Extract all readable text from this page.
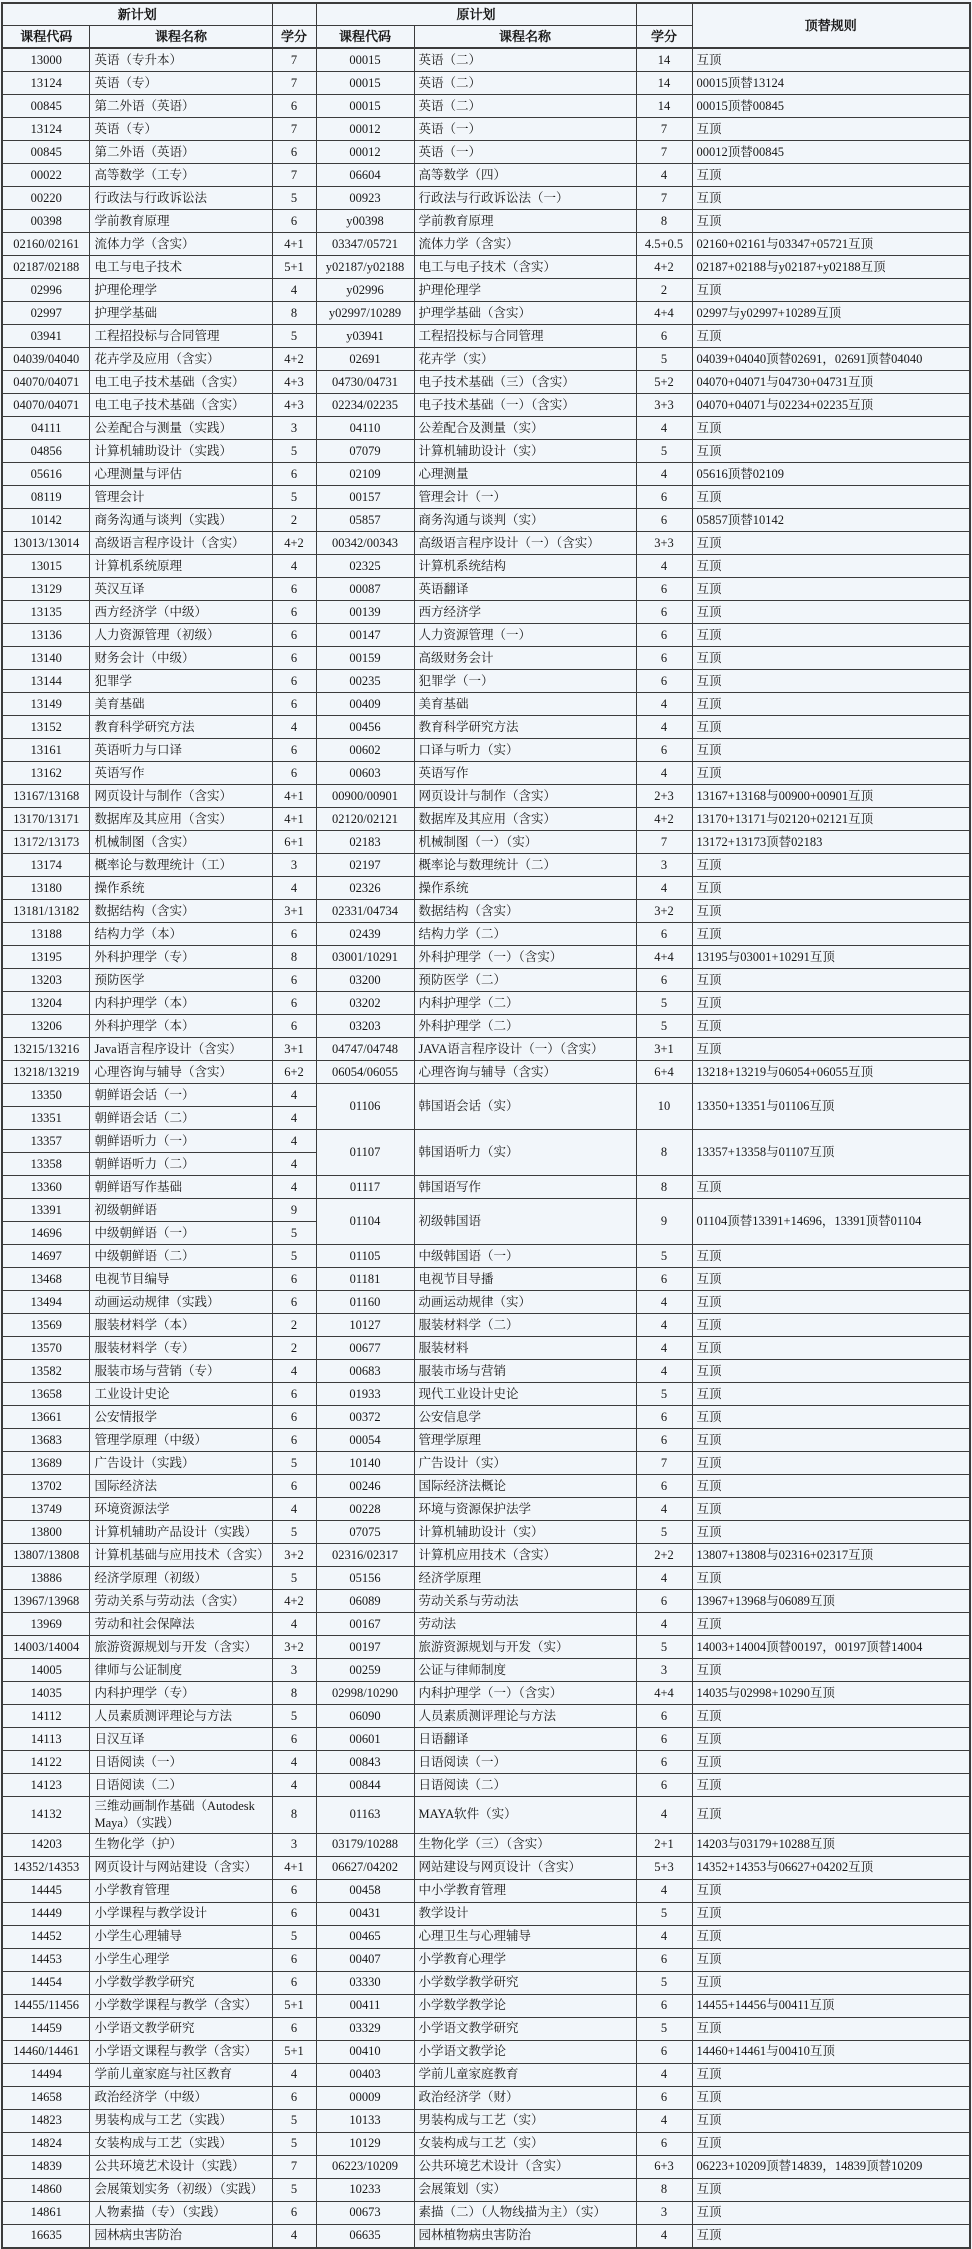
新计划			原计划			顶替规则
课程代码	课程名称	学分	课程代码	课程名称	学分	
13000	英语（专升本）	7	00015	英语（二）	14	互顶
13124	英语（专）	7	00015	英语（二）	14	00015顶替13124
00845	第二外语（英语）	6	00015	英语（二）	14	00015顶替00845
13124	英语（专）	7	00012	英语（一）	7	互顶
00845	第二外语（英语）	6	00012	英语（一）	7	00012顶替00845
00022	高等数学（工专）	7	06604	高等数学（四）	4	互顶
00220	行政法与行政诉讼法	5	00923	行政法与行政诉讼法（一）	7	互顶
00398	学前教育原理	6	y00398	学前教育原理	8	互顶
02160/02161	流体力学（含实）	4+1	03347/05721	流体力学（含实）	4.5+0.5	02160+02161与03347+05721互顶
02187/02188	电工与电子技术	5+1	y02187/y02188	电工与电子技术（含实）	4+2	02187+02188与y02187+y02188互顶
02996	护理伦理学	4	y02996	护理伦理学	2	互顶
02997	护理学基础	8	y02997/10289	护理学基础（含实）	4+4	02997与y02997+10289互顶
03941	工程招投标与合同管理	5	y03941	工程招投标与合同管理	6	互顶
04039/04040	花卉学及应用（含实）	4+2	02691	花卉学（实）	5	04039+04040顶替02691，02691顶替04040
04070/04071	电工电子技术基础（含实）	4+3	04730/04731	电子技术基础（三）（含实）	5+2	04070+04071与04730+04731互顶
04070/04071	电工电子技术基础（含实）	4+3	02234/02235	电子技术基础（一）（含实）	3+3	04070+04071与02234+02235互顶
04111	公差配合与测量（实践）	3	04110	公差配合及测量（实）	4	互顶
04856	计算机辅助设计（实践）	5	07079	计算机辅助设计（实）	5	互顶
05616	心理测量与评估	6	02109	心理测量	4	05616顶替02109
08119	管理会计	5	00157	管理会计（一）	6	互顶
10142	商务沟通与谈判（实践）	2	05857	商务沟通与谈判（实）	6	05857顶替10142
13013/13014	高级语言程序设计（含实）	4+2	00342/00343	高级语言程序设计（一）（含实）	3+3	互顶
13015	计算机系统原理	4	02325	计算机系统结构	4	互顶
13129	英汉互译	6	00087	英语翻译	6	互顶
13135	西方经济学（中级）	6	00139	西方经济学	6	互顶
13136	人力资源管理（初级）	6	00147	人力资源管理（一）	6	互顶
13140	财务会计（中级）	6	00159	高级财务会计	6	互顶
13144	犯罪学	6	00235	犯罪学（一）	6	互顶
13149	美育基础	6	00409	美育基础	4	互顶
13152	教育科学研究方法	4	00456	教育科学研究方法	4	互顶
13161	英语听力与口译	6	00602	口译与听力（实）	6	互顶
13162	英语写作	6	00603	英语写作	4	互顶
13167/13168	网页设计与制作（含实）	4+1	00900/00901	网页设计与制作（含实）	2+3	13167+13168与00900+00901互顶
13170/13171	数据库及其应用（含实）	4+1	02120/02121	数据库及其应用（含实）	4+2	13170+13171与02120+02121互顶
13172/13173	机械制图（含实）	6+1	02183	机械制图（一）（实）	7	13172+13173顶替02183
13174	概率论与数理统计（工）	3	02197	概率论与数理统计（二）	3	互顶
13180	操作系统	4	02326	操作系统	4	互顶
13181/13182	数据结构（含实）	3+1	02331/04734	数据结构（含实）	3+2	互顶
13188	结构力学（本）	6	02439	结构力学（二）	6	互顶
13195	外科护理学（专）	8	03001/10291	外科护理学（一）（含实）	4+4	13195与03001+10291互顶
13203	预防医学	6	03200	预防医学（二）	6	互顶
13204	内科护理学（本）	6	03202	内科护理学（二）	5	互顶
13206	外科护理学（本）	6	03203	外科护理学（二）	5	互顶
13215/13216	Java语言程序设计（含实）	3+1	04747/04748	JAVA语言程序设计（一）（含实）	3+1	互顶
13218/13219	心理咨询与辅导（含实）	6+2	06054/06055	心理咨询与辅导（含实）	6+4	13218+13219与06054+06055互顶
13350	朝鲜语会话（一）	4	01106	韩国语会话（实）	10	13350+13351与01106互顶
13351	朝鲜语会话（二）	4				
13357	朝鲜语听力（一）	4	01107	韩国语听力（实）	8	13357+13358与01107互顶
13358	朝鲜语听力（二）	4				
13360	朝鲜语写作基础	4	01117	韩国语写作	8	互顶
13391	初级朝鲜语	9	01104	初级韩国语	9	01104顶替13391+14696，13391顶替01104
14696	中级朝鲜语（一）	5				
14697	中级朝鲜语（二）	5	01105	中级韩国语（一）	5	互顶
13468	电视节目编导	6	01181	电视节目导播	6	互顶
13494	动画运动规律（实践）	6	01160	动画运动规律（实）	4	互顶
13569	服装材料学（本）	2	10127	服装材料学（二）	4	互顶
13570	服装材料学（专）	2	00677	服装材料	4	互顶
13582	服装市场与营销（专）	4	00683	服装市场与营销	4	互顶
13658	工业设计史论	6	01933	现代工业设计史论	5	互顶
13661	公安情报学	6	00372	公安信息学	6	互顶
13683	管理学原理（中级）	6	00054	管理学原理	6	互顶
13689	广告设计（实践）	5	10140	广告设计（实）	7	互顶
13702	国际经济法	6	00246	国际经济法概论	6	互顶
13749	环境资源法学	4	00228	环境与资源保护法学	4	互顶
13800	计算机辅助产品设计（实践）	5	07075	计算机辅助设计（实）	5	互顶
13807/13808	计算机基础与应用技术（含实）	3+2	02316/02317	计算机应用技术（含实）	2+2	13807+13808与02316+02317互顶
13886	经济学原理（初级）	5	05156	经济学原理	4	互顶
13967/13968	劳动关系与劳动法（含实）	4+2	06089	劳动关系与劳动法	6	13967+13968与06089互顶
13969	劳动和社会保障法	4	00167	劳动法	4	互顶
14003/14004	旅游资源规划与开发（含实）	3+2	00197	旅游资源规划与开发（实）	5	14003+14004顶替00197，00197顶替14004
14005	律师与公证制度	3	00259	公证与律师制度	3	互顶
14035	内科护理学（专）	8	02998/10290	内科护理学（一）（含实）	4+4	14035与02998+10290互顶
14112	人员素质测评理论与方法	5	06090	人员素质测评理论与方法	6	互顶
14113	日汉互译	6	00601	日语翻译	6	互顶
14122	日语阅读（一）	4	00843	日语阅读（一）	6	互顶
14123	日语阅读（二）	4	00844	日语阅读（二）	6	互顶
14132	三维动画制作基础（Autodesk Maya）（实践）	8	01163	MAYA软件（实）	4	互顶
14203	生物化学（护）	3	03179/10288	生物化学（三）（含实）	2+1	14203与03179+10288互顶
14352/14353	网页设计与网站建设（含实）	4+1	06627/04202	网站建设与网页设计（含实）	5+3	14352+14353与06627+04202互顶
14445	小学教育管理	6	00458	中小学教育管理	4	互顶
14449	小学课程与教学设计	6	00431	教学设计	5	互顶
14452	小学生心理辅导	5	00465	心理卫生与心理辅导	4	互顶
14453	小学生心理学	6	00407	小学教育心理学	6	互顶
14454	小学数学教学研究	6	03330	小学数学教学研究	5	互顶
14455/11456	小学数学课程与教学（含实）	5+1	00411	小学数学教学论	6	14455+14456与00411互顶
14459	小学语文教学研究	6	03329	小学语文教学研究	5	互顶
14460/14461	小学语文课程与教学（含实）	5+1	00410	小学语文教学论	6	14460+14461与00410互顶
14494	学前儿童家庭与社区教育	4	00403	学前儿童家庭教育	4	互顶
14658	政治经济学（中级）	6	00009	政治经济学（财）	6	互顶
14823	男装构成与工艺（实践）	5	10133	男装构成与工艺（实）	4	互顶
14824	女装构成与工艺（实践）	5	10129	女装构成与工艺（实）	6	互顶
14839	公共环境艺术设计（实践）	7	06223/10209	公共环境艺术设计（含实）	6+3	06223+10209顶替14839，14839顶替10209
14860	会展策划实务（初级）（实践）	5	10233	会展策划（实）	8	互顶
14861	人物素描（专）（实践）	6	00673	素描（二）（人物线描为主）（实）	3	互顶
16635	园林病虫害防治	4	06635	园林植物病虫害防治	4	互顶
